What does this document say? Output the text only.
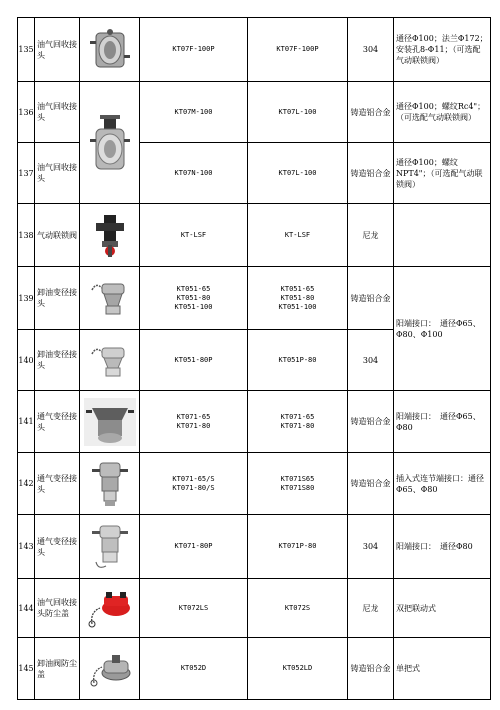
135	油气回收接头		KT07F-100P	KT07F-100P	304	通径Φ100；法兰Φ172；安装孔8-Φ11；（可选配气动联锁阀）
136	油气回收接头		KT07M-100	KT07L-100	铸造铝合金	通径Φ100；螺纹Rc4"；（可选配气动联锁阀）
137	油气回收接头		KT07N-100	KT07L-100	铸造铝合金	通径Φ100；螺纹NPT4"；（可选配气动联锁阀）
138	气动联锁阀		KT-LSF	KT-LSF	尼龙	
139	卸油变径接头		KT051-65
KT051-80
KT051-100	KT051-65
KT051-80
KT051-100	铸造铝合金	阳端接口：　通径Φ65、Φ80、Φ100
140	卸油变径接头		KT051-80P	KT051P-80	304	
141	通气变径接头		KT071-65
KT071-80	KT071-65
KT071-80	铸造铝合金	阳端接口：　通径Φ65、Φ80
142	通气变径接头		KT071-65/S
KT071-80/S	KT071S65
KT071S80	铸造铝合金	插入式连节端接口：通径　Φ65、Φ80
143	通气变径接头		KT071-80P	KT071P-80	304	阳端接口：　通径Φ80
144	油气回收接头防尘盖		KT072LS	KT072S	尼龙	双把联动式
145	卸油阀防尘盖		KT052D	KT052LD	铸造铝合金	单把式
